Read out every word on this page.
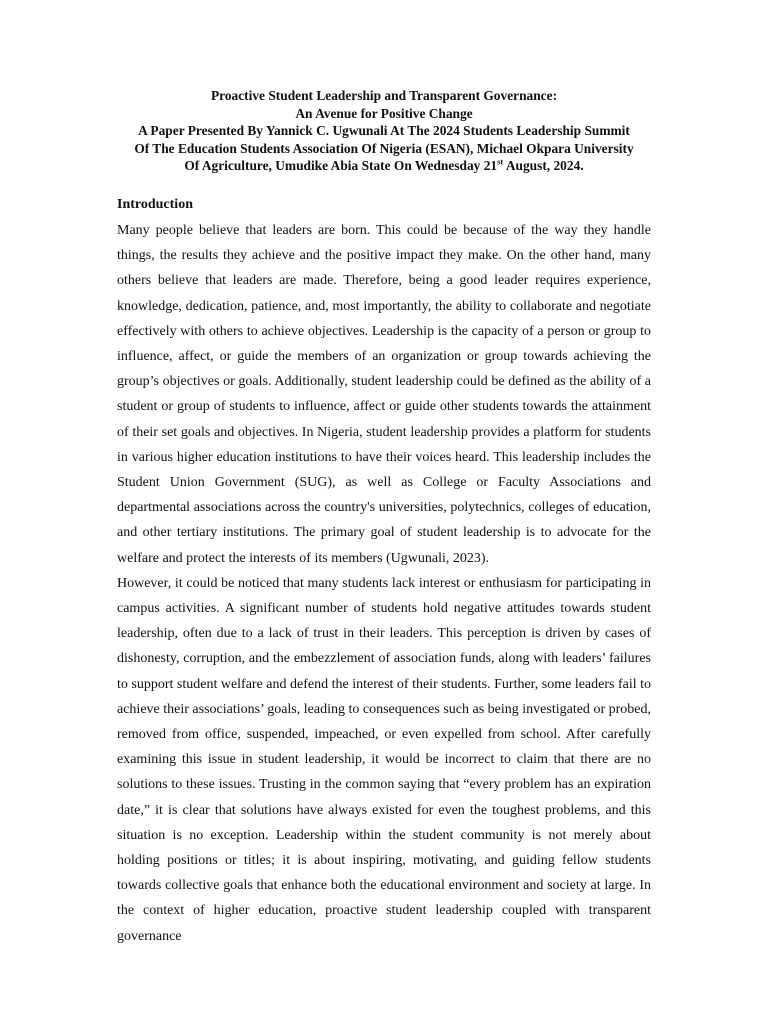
Proactive Student Leadership and Transparent Governance:
An Avenue for Positive Change
A Paper Presented By Yannick C. Ugwunali At The 2024 Students Leadership Summit
Of The Education Students Association Of Nigeria (ESAN), Michael Okpara University
Of Agriculture, Umudike Abia State On Wednesday 21st August, 2024.
Introduction

Many people believe that leaders are born. This could be because of the way they handle things, the results they achieve and the positive impact they make. On the other hand, many others believe that leaders are made. Therefore, being a good leader requires experience, knowledge, dedication, patience, and, most importantly, the ability to collaborate and negotiate effectively with others to achieve objectives. Leadership is the capacity of a person or group to influence, affect, or guide the members of an organization or group towards achieving the group’s objectives or goals. Additionally, student leadership could be defined as the ability of a student or group of students to influence, affect or guide other students towards the attainment of their set goals and objectives. In Nigeria, student leadership provides a platform for students in various higher education institutions to have their voices heard. This leadership includes the Student Union Government (SUG), as well as College or Faculty Associations and departmental associations across the country's universities, polytechnics, colleges of education, and other tertiary institutions. The primary goal of student leadership is to advocate for the welfare and protect the interests of its members (Ugwunali, 2023).

However, it could be noticed that many students lack interest or enthusiasm for participating in campus activities. A significant number of students hold negative attitudes towards student leadership, often due to a lack of trust in their leaders. This perception is driven by cases of dishonesty, corruption, and the embezzlement of association funds, along with leaders’ failures to support student welfare and defend the interest of their students. Further, some leaders fail to achieve their associations’ goals, leading to consequences such as being investigated or probed, removed from office, suspended, impeached, or even expelled from school. After carefully examining this issue in student leadership, it would be incorrect to claim that there are no solutions to these issues. Trusting in the common saying that “every problem has an expiration date,” it is clear that solutions have always existed for even the toughest problems, and this situation is no exception. Leadership within the student community is not merely about holding positions or titles; it is about inspiring, motivating, and guiding fellow students towards collective goals that enhance both the educational environment and society at large. In the context of higher education, proactive student leadership coupled with transparent governance
